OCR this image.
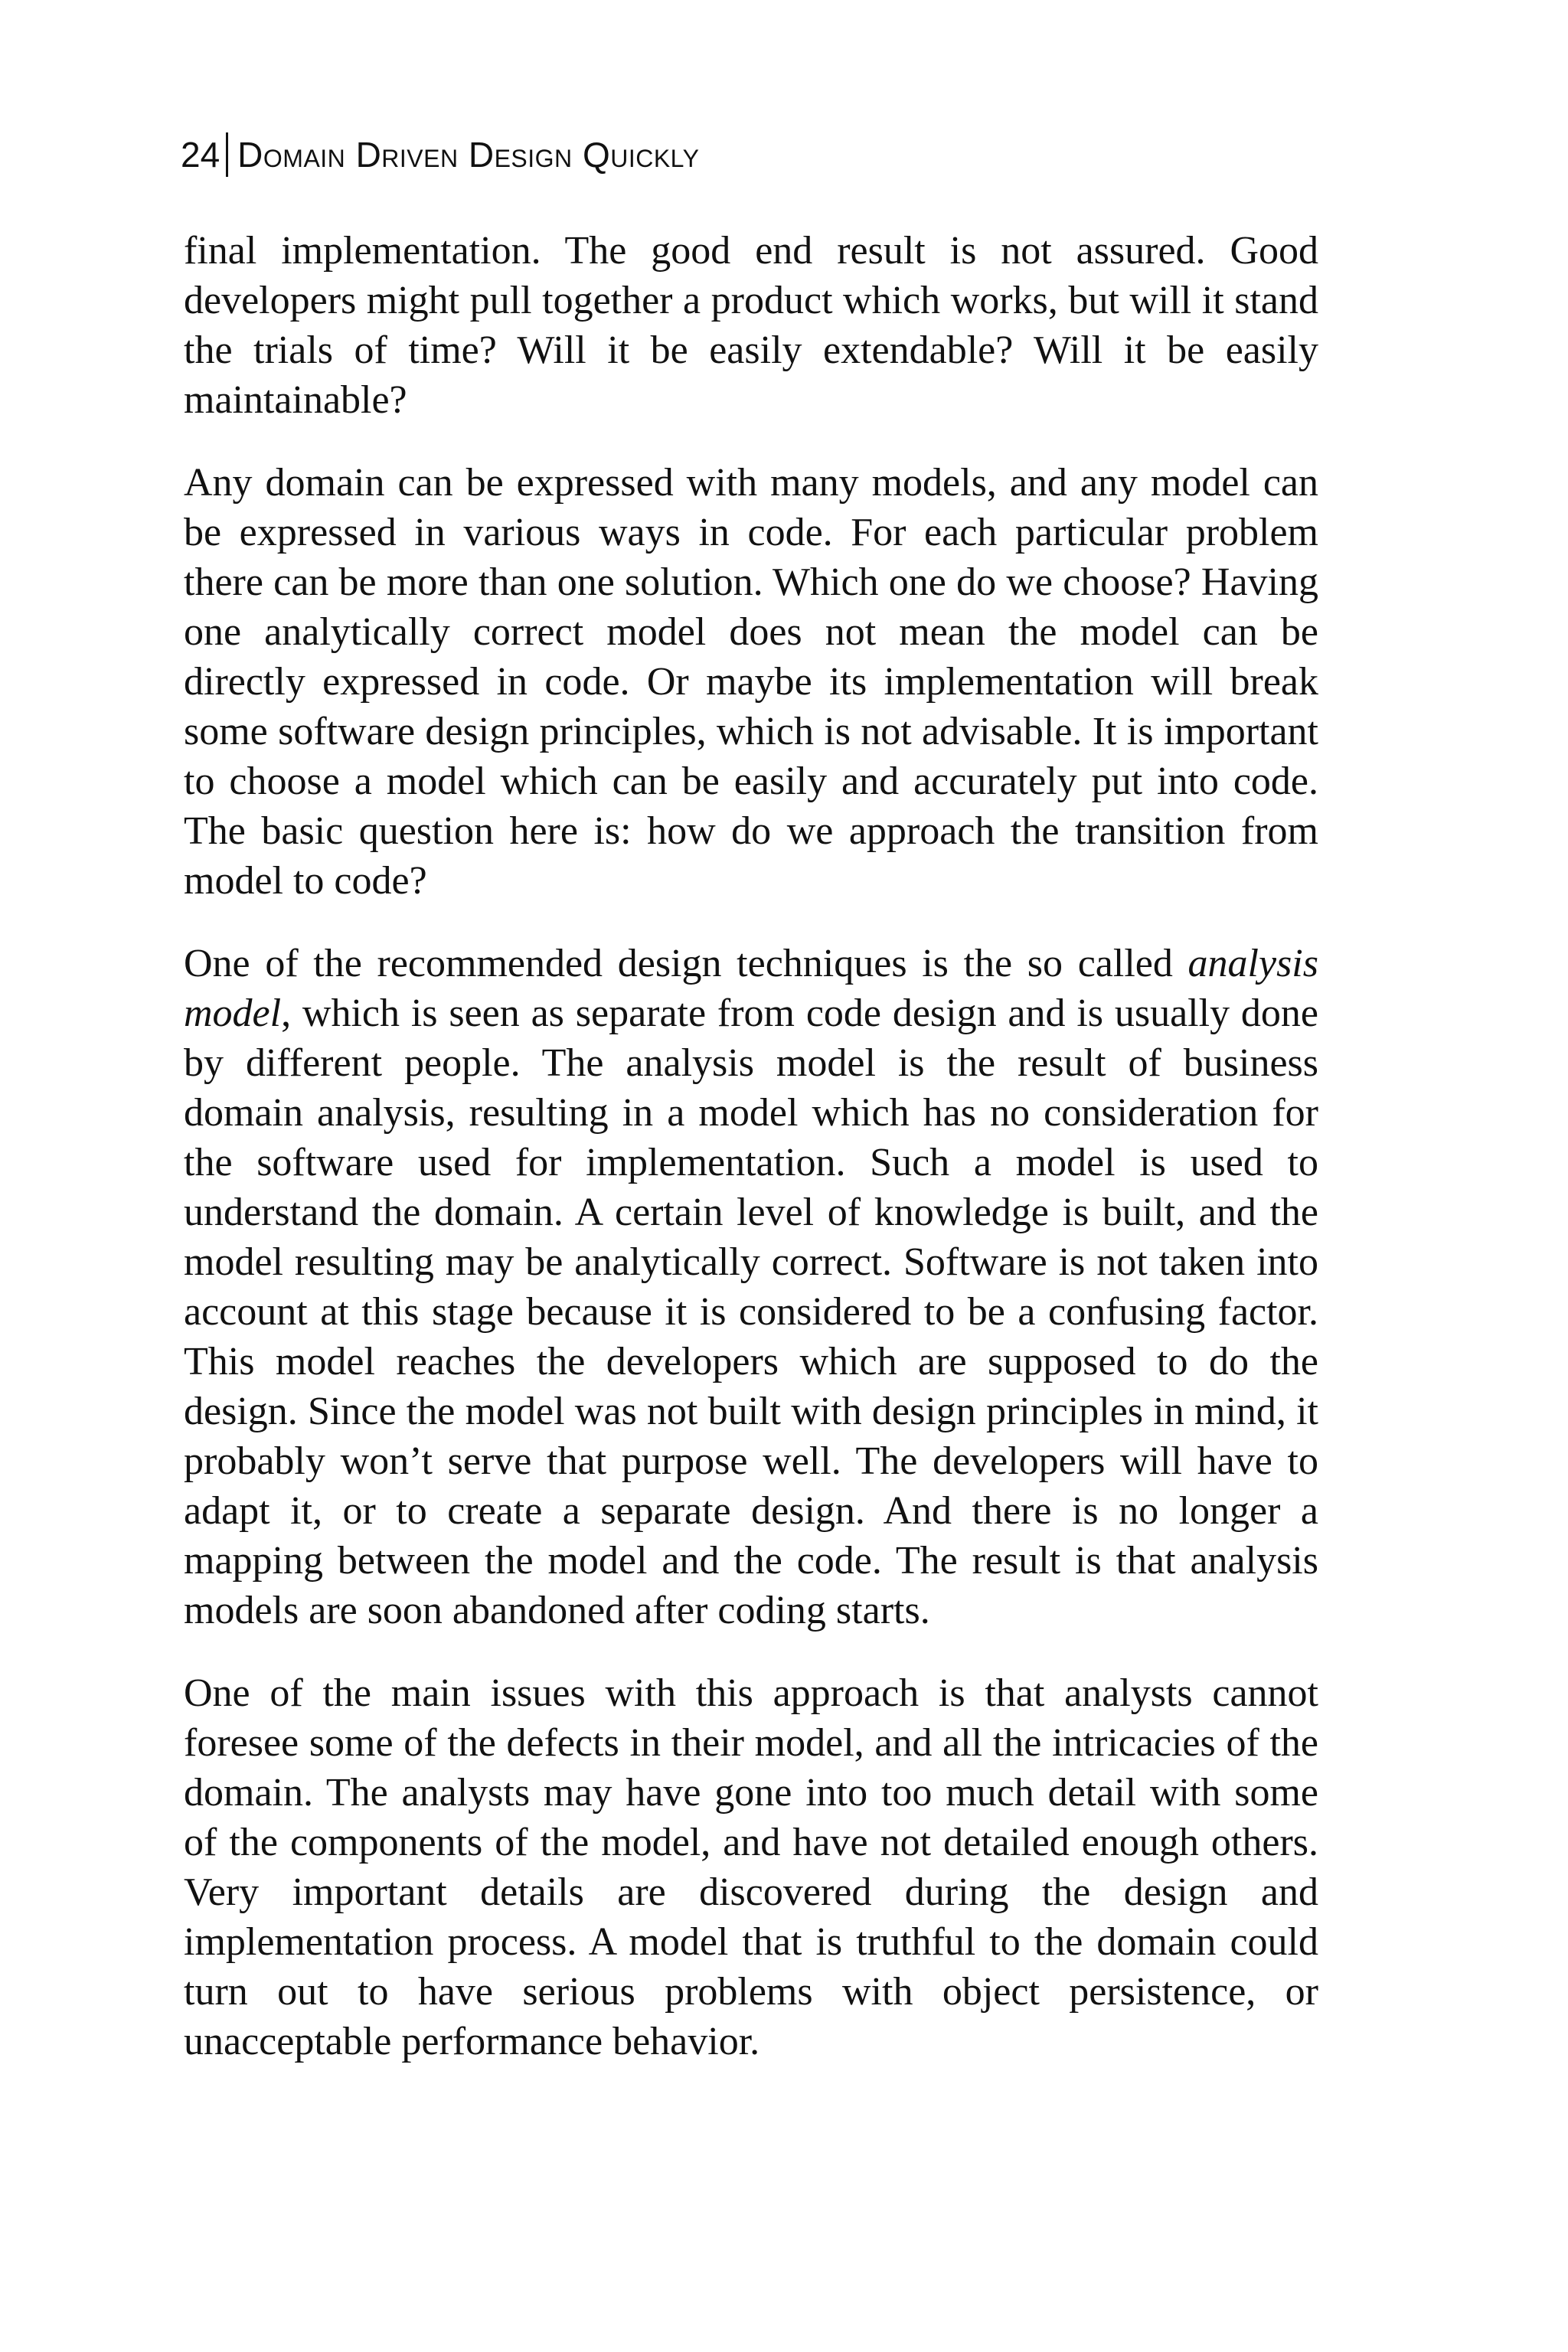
24 Domain Driven Design Quickly

final implementation. The good end result is not assured. Good developers might pull together a product which works, but will it stand the trials of time? Will it be easily extendable? Will it be easily maintainable?

Any domain can be expressed with many models, and any model can be expressed in various ways in code. For each particular problem there can be more than one solution. Which one do we choose? Having one analytically correct model does not mean the model can be directly expressed in code. Or maybe its implementation will break some software design principles, which is not advisable. It is important to choose a model which can be easily and accurately put into code. The basic question here is: how do we approach the transition from model to code?

One of the recommended design techniques is the so called analysis model, which is seen as separate from code design and is usually done by different people. The analysis model is the result of business domain analysis, resulting in a model which has no consideration for the software used for implementation. Such a model is used to understand the domain. A certain level of knowledge is built, and the model resulting may be analytically correct. Software is not taken into account at this stage because it is considered to be a confusing factor. This model reaches the developers which are supposed to do the design. Since the model was not built with design principles in mind, it probably won’t serve that purpose well. The developers will have to adapt it, or to create a separate design. And there is no longer a mapping between the model and the code. The result is that analysis models are soon abandoned after coding starts.

One of the main issues with this approach is that analysts cannot foresee some of the defects in their model, and all the intricacies of the domain. The analysts may have gone into too much detail with some of the components of the model, and have not detailed enough others. Very important details are discovered during the design and implementation process. A model that is truthful to the domain could turn out to have serious problems with object persistence, or unacceptable performance behavior.
